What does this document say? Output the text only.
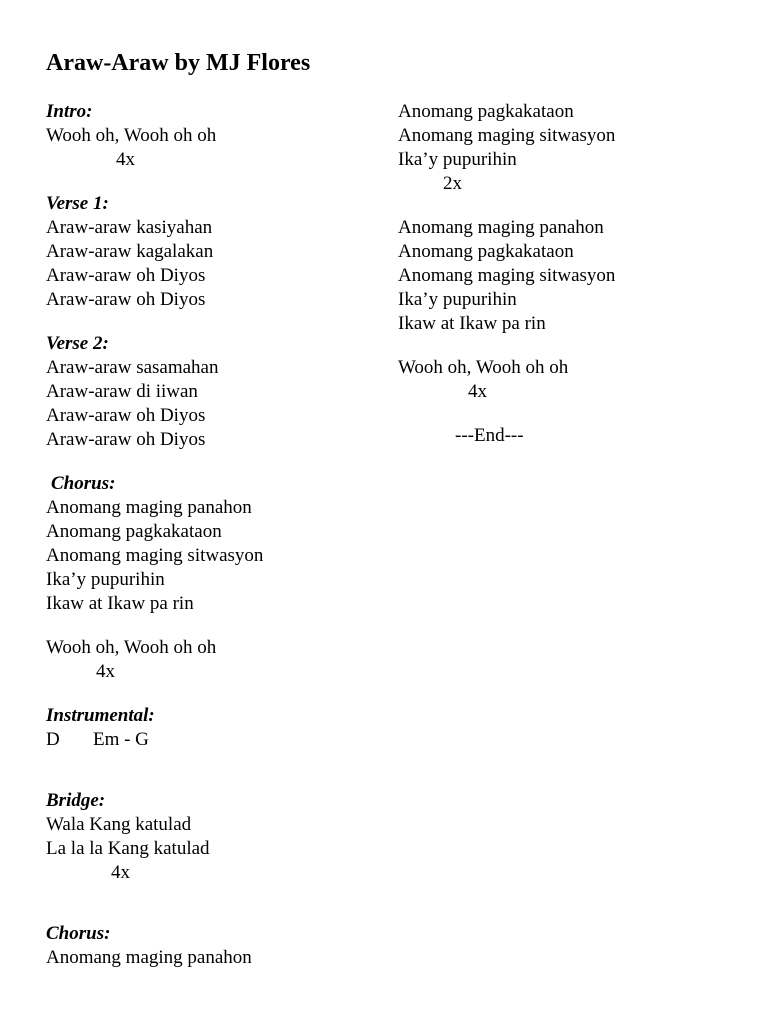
Araw-Araw by MJ Flores
Intro:
Wooh oh, Wooh oh oh
4x
Verse 1:
Araw-araw kasiyahan
Araw-araw kagalakan
Araw-araw oh Diyos
Araw-araw oh Diyos
Verse 2:
Araw-araw sasamahan
Araw-araw di iiwan
Araw-araw oh Diyos
Araw-araw oh Diyos
Chorus:
Anomang maging panahon
Anomang pagkakataon
Anomang maging sitwasyon
Ika’y pupurihin
Ikaw at Ikaw pa rin
Wooh oh, Wooh oh oh
4x
Instrumental:
D       Em - G
Bridge:
Wala Kang katulad
La la la Kang katulad
4x
Chorus:
Anomang maging panahon
Anomang pagkakataon
Anomang maging sitwasyon
Ika’y pupurihin
2x
Anomang maging panahon
Anomang pagkakataon
Anomang maging sitwasyon
Ika’y pupurihin
Ikaw at Ikaw pa rin
Wooh oh, Wooh oh oh
4x
---End---
